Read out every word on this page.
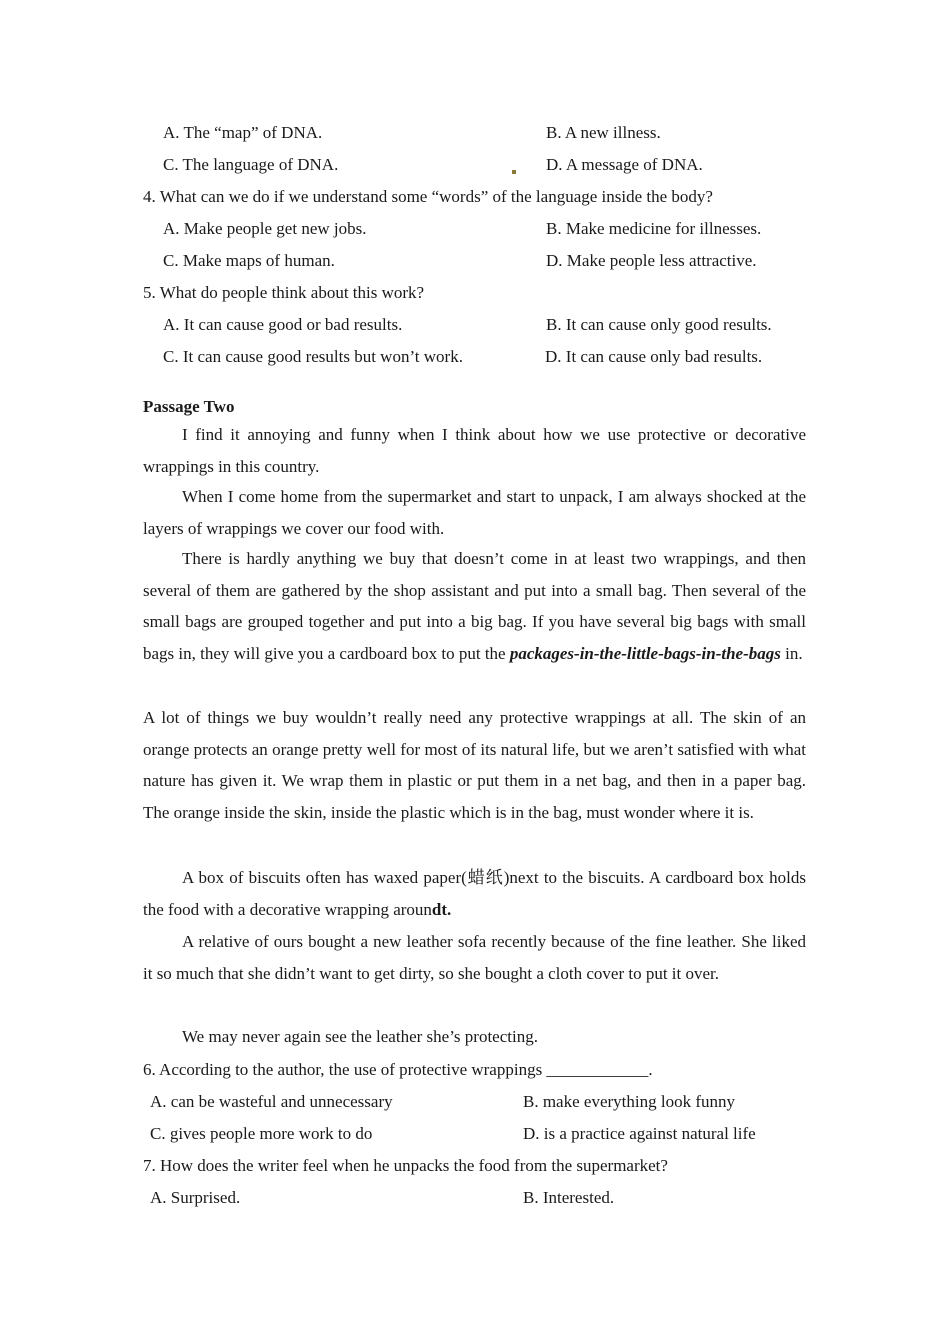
A. The “map” of DNA.	B. A new illness.
C. The language of DNA.	D. A message of DNA.
4. What can we do if we understand some “words” of the language inside the body?
A. Make people get new jobs.	B. Make medicine for illnesses.
C. Make maps of human.	D. Make people less attractive.
5. What do people think about this work?
A. It can cause good or bad results.	B. It can cause only good results.
C. It can cause good results but won’t work.	D. It can cause only bad results.
Passage Two
I find it annoying and funny when I think about how we use protective or decorative wrappings in this country.
When I come home from the supermarket and start to unpack, I am always shocked at the layers of wrappings we cover our food with.
There is hardly anything we buy that doesn’t come in at least two wrappings, and then several of them are gathered by the shop assistant and put into a small bag. Then several of the small bags are grouped together and put into a big bag. If you have several big bags with small bags in, they will give you a cardboard box to put the packages-in-the-little-bags-in-the-bags in.
A lot of things we buy wouldn’t really need any protective wrappings at all. The skin of an orange protects an orange pretty well for most of its natural life, but we aren’t satisfied with what nature has given it. We wrap them in plastic or put them in a net bag, and then in a paper bag. The orange inside the skin, inside the plastic which is in the bag, must wonder where it is.
A box of biscuits often has waxed paper(蜡纸)next to the biscuits. A cardboard box holds the food with a decorative wrapping aroundt.
A relative of ours bought a new leather sofa recently because of the fine leather. She liked it so much that she didn’t want to get dirty, so she bought a cloth cover to put it over.
We may never again see the leather she’s protecting.
6. According to the author, the use of protective wrappings ____________.
A. can be wasteful and unnecessary	B. make everything look funny
C. gives people more work to do	D. is a practice against natural life
7. How does the writer feel when he unpacks the food from the supermarket?
A. Surprised.	B. Interested.
